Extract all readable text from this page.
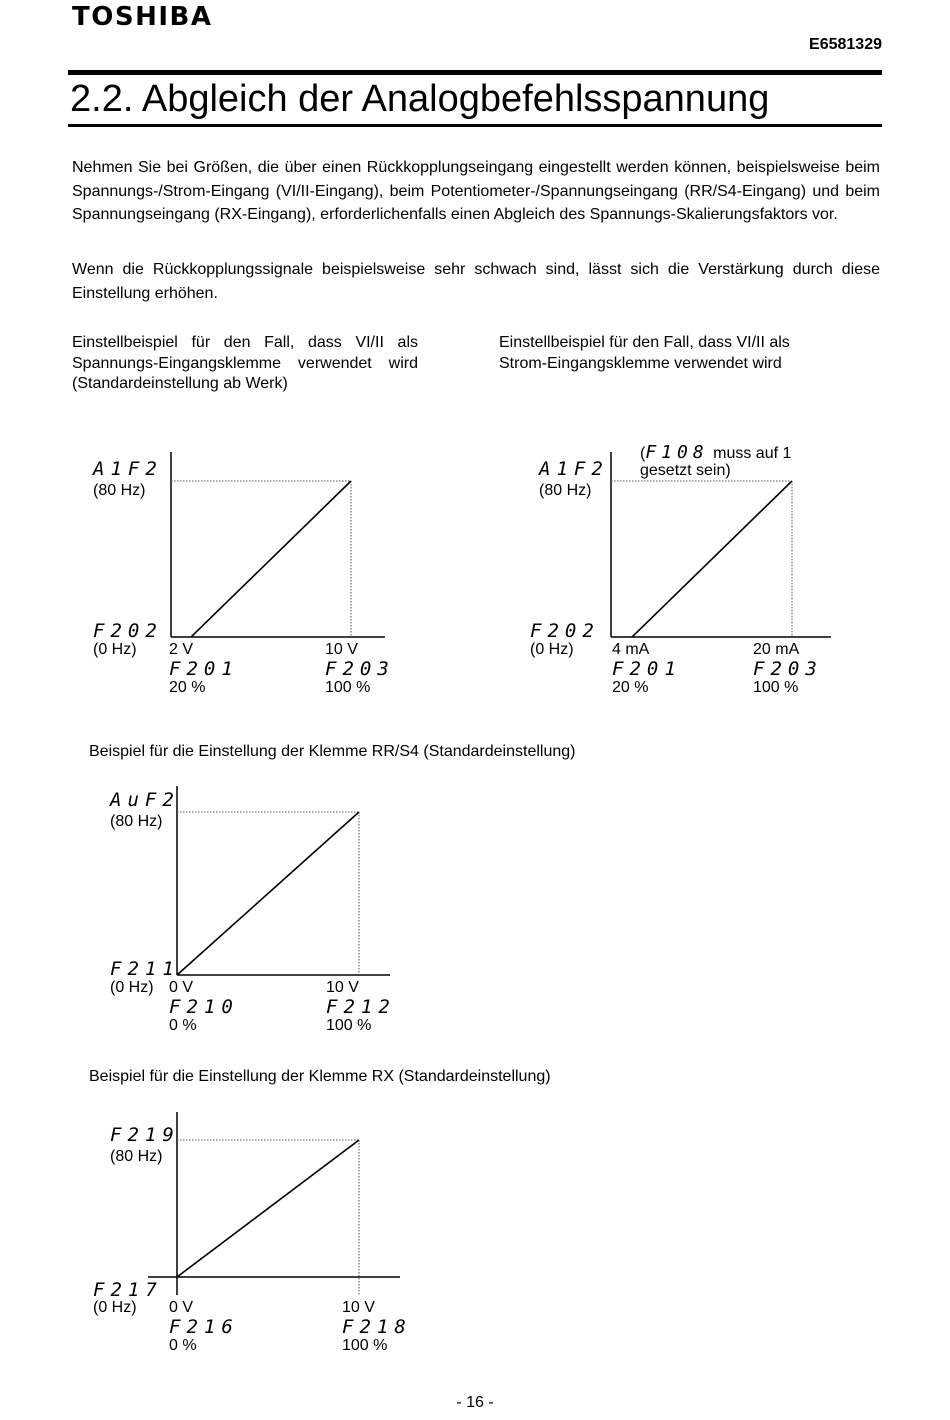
TOSHIBA
E6581329
2.2. Abgleich der Analogbefehlsspannung
Nehmen Sie bei Größen, die über einen Rückkopplungseingang eingestellt werden können, beispielsweise beim Spannungs-/Strom-Eingang (VI/II-Eingang), beim Potentiometer-/Spannungseingang (RR/S4-Eingang) und beim Spannungseingang (RX-Eingang), erforderlichenfalls einen Abgleich des Spannungs-Skalierungsfaktors vor.
Wenn die Rückkopplungssignale beispielsweise sehr schwach sind, lässt sich die Verstärkung durch diese Einstellung erhöhen.
Einstellbeispiel für den Fall, dass VI/II als
Spannungs-Eingangsklemme verwendet wird
(Standardeinstellung ab Werk)
Einstellbeispiel für den Fall, dass VI/II als
Strom-Eingangsklemme verwendet wird
A1F2
(80 Hz)
F202
(0 Hz) 2 V
F201
20 %
10 V
F203
100 %
(F108 muss auf 1
gesetzt sein)
A1F2
(80 Hz)
F202
(0 Hz) 4 mA
F201
20 %
20 mA
F203
100 %
Beispiel für die Einstellung der Klemme RR/S4 (Standardeinstellung)
AuF2
(80 Hz)
F211
(0 Hz) 0 V
F210
0 %
10 V
F212
100 %
Beispiel für die Einstellung der Klemme RX (Standardeinstellung)
F219
(80 Hz)
F217
(0 Hz) 0 V
F216
0 %
10 V
F218
100 %
- 16 -
